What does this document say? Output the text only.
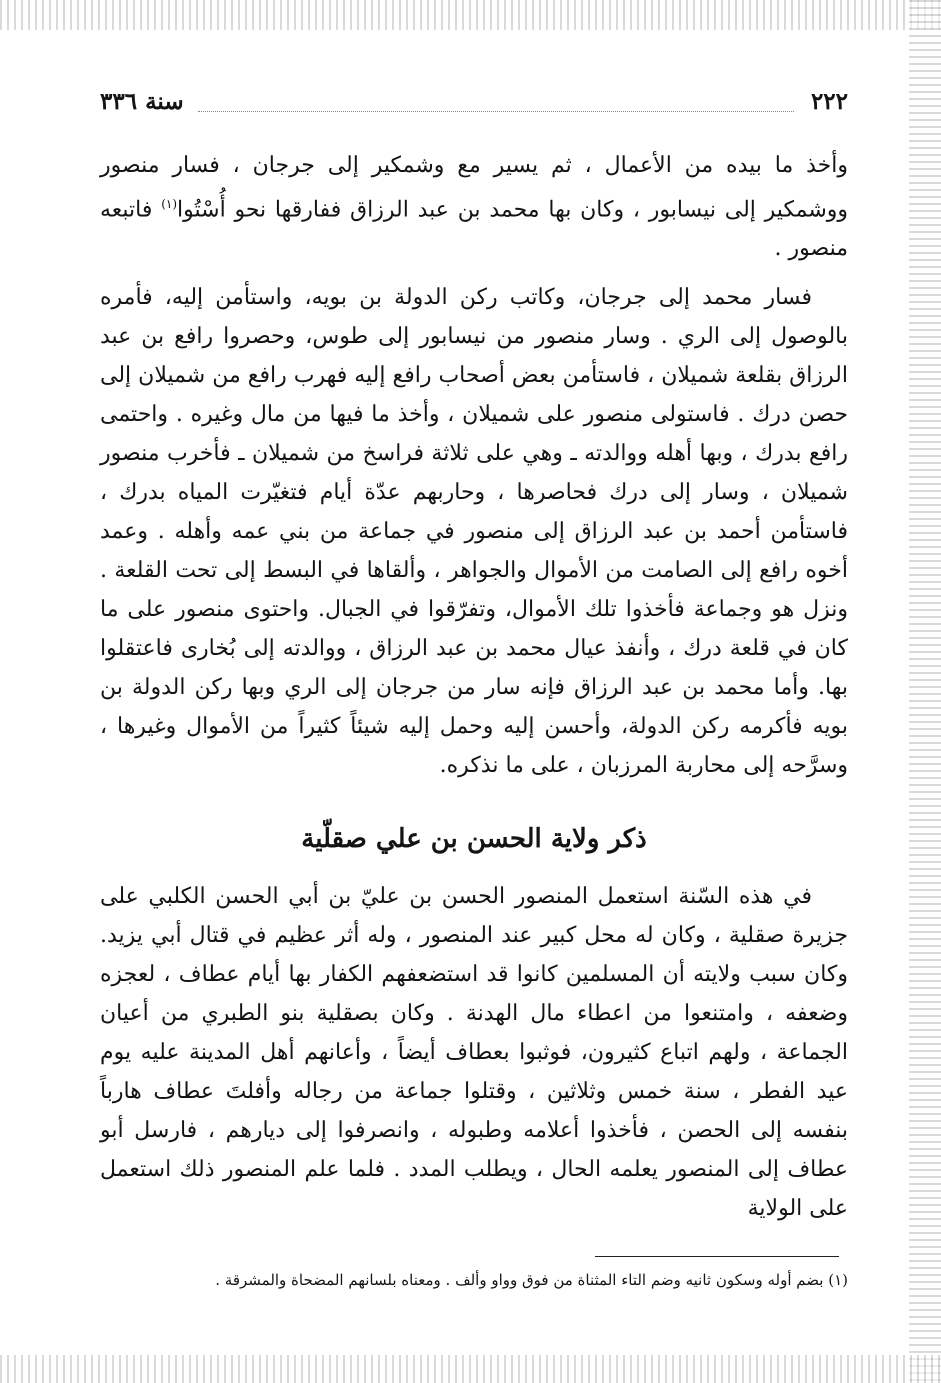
٢٢٢
سنة ٣٣٦

وأخذ ما بيده من الأعمال ، ثم يسير مع وشمكير إلى جرجان ، فسار منصور ووشمكير إلى نيسابور ، وكان بها محمد بن عبد الرزاق ففارقها نحو أُسْتُوا$^{(١)}$ فاتبعه منصور .

فسار محمد إلى جرجان، وكاتب ركن الدولة بن بويه، واستأمن إليه، فأمره بالوصول إلى الري . وسار منصور من نيسابور إلى طوس، وحصروا رافع بن عبد الرزاق بقلعة شميلان ، فاستأمن بعض أصحاب رافع إليه فهرب رافع من شميلان إلى حصن درك . فاستولى منصور على شميلان ، وأخذ ما فيها من مال وغيره . واحتمى رافع بدرك ، وبها أهله ووالدته ـ وهي على ثلاثة فراسخ من شميلان ـ فأخرب منصور شميلان ، وسار إلى درك فحاصرها ، وحاربهم عدّة أيام فتغيّرت المياه بدرك ، فاستأمن أحمد بن عبد الرزاق إلى منصور في جماعة من بني عمه وأهله . وعمد أخوه رافع إلى الصامت من الأموال والجواهر ، وألقاها في البسط إلى تحت القلعة . ونزل هو وجماعة فأخذوا تلك الأموال، وتفرّقوا في الجبال. واحتوى منصور على ما كان في قلعة درك ، وأنفذ عيال محمد بن عبد الرزاق ، ووالدته إلى بُخارى فاعتقلوا بها. وأما محمد بن عبد الرزاق فإنه سار من جرجان إلى الري وبها ركن الدولة بن بويه فأكرمه ركن الدولة، وأحسن إليه وحمل إليه شيئاً كثيراً من الأموال وغيرها ، وسرَّحه إلى محاربة المرزبان ، على ما نذكره.

ذكر ولاية الحسن بن علي صقلّية

في هذه السّنة استعمل المنصور الحسن بن عليّ بن أبي الحسن الكلبي على جزيرة صقلية ، وكان له محل كبير عند المنصور ، وله أثر عظيم في قتال أبي يزيد. وكان سبب ولايته أن المسلمين كانوا قد استضعفهم الكفار بها أيام عطاف ، لعجزه وضعفه ، وامتنعوا من اعطاء مال الهدنة . وكان بصقلية بنو الطبري من أعيان الجماعة ، ولهم اتباع كثيرون، فوثبوا بعطاف أيضاً ، وأعانهم أهل المدينة عليه يوم عيد الفطر ، سنة خمس وثلاثين ، وقتلوا جماعة من رجاله وأفلتَ عطاف هارباً بنفسه إلى الحصن ، فأخذوا أعلامه وطبوله ، وانصرفوا إلى ديارهم ، فارسل أبو عطاف إلى المنصور يعلمه الحال ، ويطلب المدد . فلما علم المنصور ذلك استعمل على الولاية

(١) بضم أوله وسكون ثانيه وضم التاء المثناة من فوق وواو وألف . ومعناه بلسانهم المضحاة والمشرقة .
